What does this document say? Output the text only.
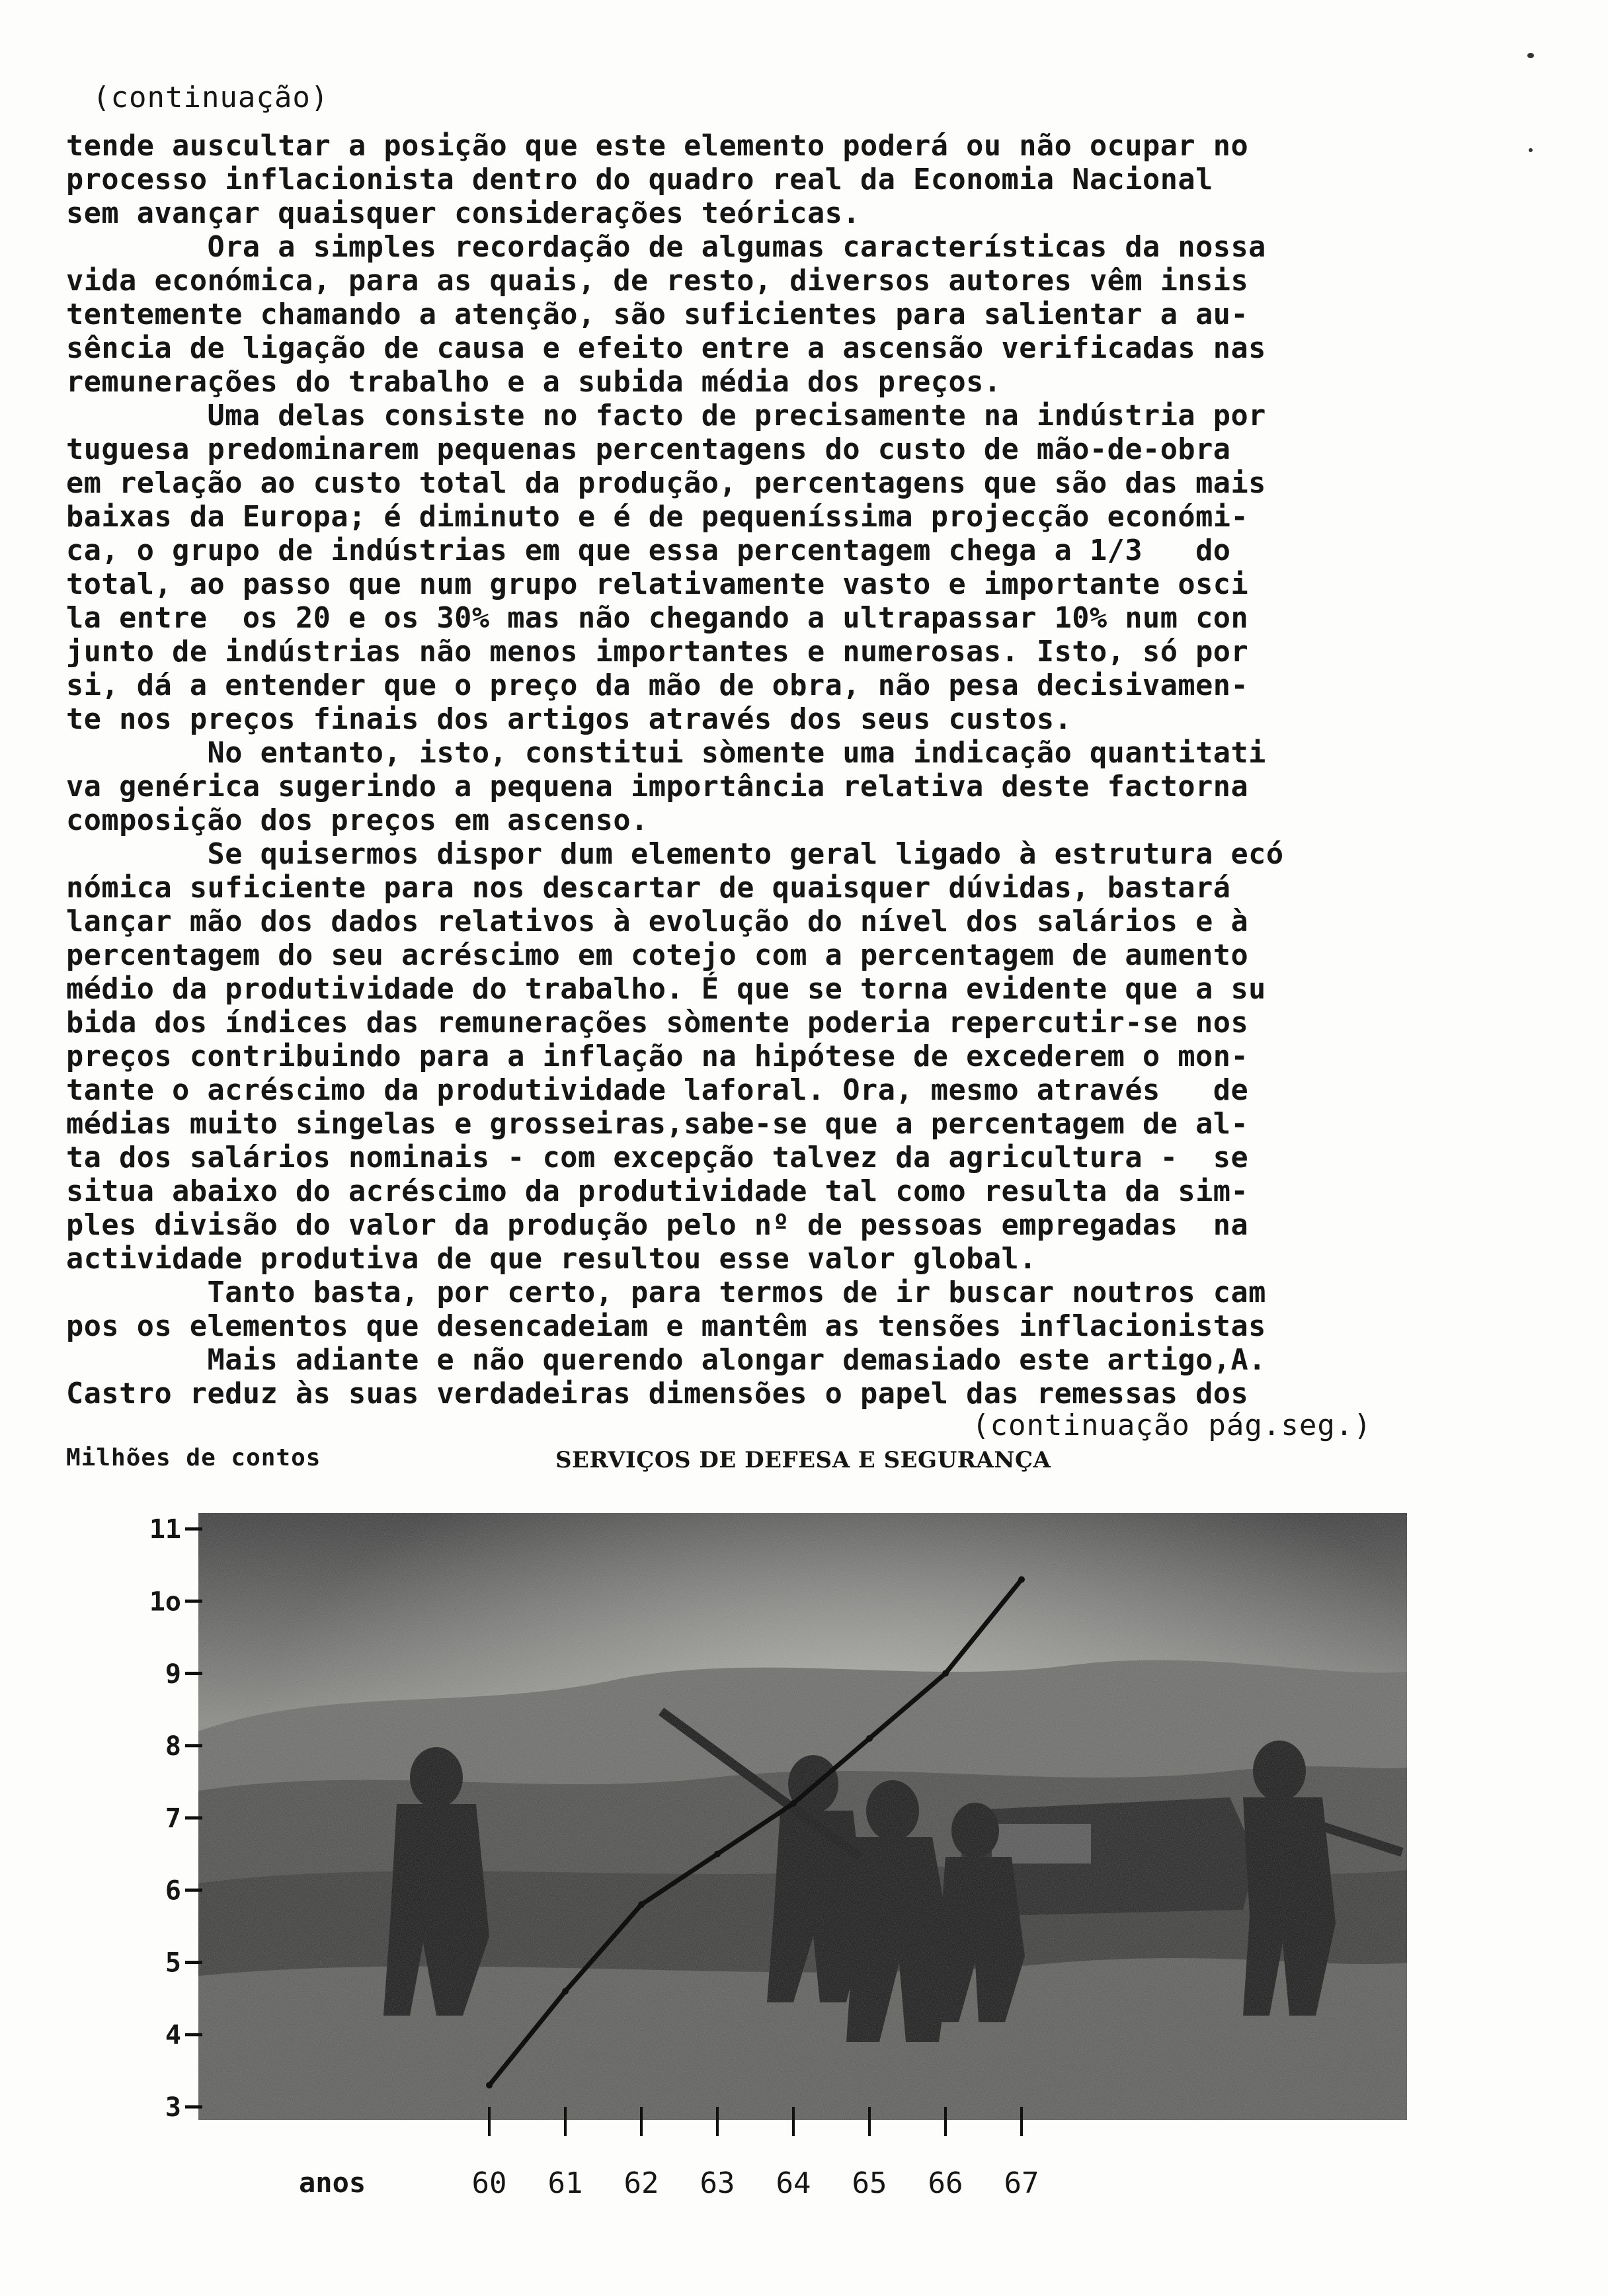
(continuação)
tende auscultar a posição que este elemento poderá ou não ocupar no
processo inflacionista dentro do quadro real da Economia Nacional
sem avançar quaisquer considerações teóricas.
Ora a simples recordação de algumas características da nossa
vida económica, para as quais, de resto, diversos autores vêm insis
tentemente chamando a atenção, são suficientes para salientar a au-
sência de ligação de causa e efeito entre a ascensão verificadas nas
remunerações do trabalho e a subida média dos preços.
Uma delas consiste no facto de precisamente na indústria por
tuguesa predominarem pequenas percentagens do custo de mão-de-obra
em relação ao custo total da produção, percentagens que são das mais
baixas da Europa; é diminuto e é de pequeníssima projecção económi-
ca, o grupo de indústrias em que essa percentagem chega a 1/3   do
total, ao passo que num grupo relativamente vasto e importante osci
la entre  os 20 e os 30% mas não chegando a ultrapassar 10% num con
junto de indústrias não menos importantes e numerosas. Isto, só por
si, dá a entender que o preço da mão de obra, não pesa decisivamen-
te nos preços finais dos artigos através dos seus custos.
No entanto, isto, constitui sòmente uma indicação quantitati
va genérica sugerindo a pequena importância relativa deste factorna
composição dos preços em ascenso.
Se quisermos dispor dum elemento geral ligado à estrutura ecó
nómica suficiente para nos descartar de quaisquer dúvidas, bastará
lançar mão dos dados relativos à evolução do nível dos salários e à
percentagem do seu acréscimo em cotejo com a percentagem de aumento
médio da produtividade do trabalho. É que se torna evidente que a su
bida dos índices das remunerações sòmente poderia repercutir-se nos
preços contribuindo para a inflação na hipótese de excederem o mon-
tante o acréscimo da produtividade laforal. Ora, mesmo através   de
médias muito singelas e grosseiras,sabe-se que a percentagem de al-
ta dos salários nominais - com excepção talvez da agricultura -  se
situa abaixo do acréscimo da produtividade tal como resulta da sim-
ples divisão do valor da produção pelo nº de pessoas empregadas  na
actividade produtiva de que resultou esse valor global.
Tanto basta, por certo, para termos de ir buscar noutros cam
pos os elementos que desencadeiam e mantêm as tensões inflacionistas
Mais adiante e não querendo alongar demasiado este artigo,A.
Castro reduz às suas verdadeiras dimensões o papel das remessas dos
(continuação pág.seg.)
Milhões de contos	SERVIÇOS DE DEFESA E SEGURANÇA
3
4
5
6
7
8
9
1o
11
60 61 62 63 64 65 66 67
anos
